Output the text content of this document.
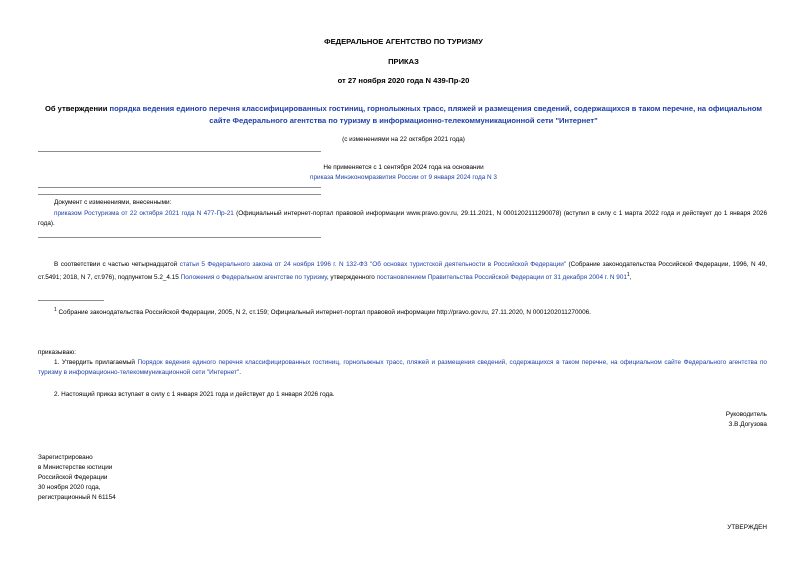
ФЕДЕРАЛЬНОЕ АГЕНТСТВО ПО ТУРИЗМУ
ПРИКАЗ
от 27 ноября 2020 года N 439-Пр-20
Об утверждении порядка ведения единого перечня классифицированных гостиниц, горнолыжных трасс, пляжей и размещения сведений, содержащихся в таком перечне, на официальном сайте Федерального агентства по туризму в информационно-телекоммуникационной сети "Интернет"
(с изменениями на 22 октября 2021 года)
Не применяется с 1 сентября 2024 года на основании
приказа Минэкономразвития России от 9 января 2024 года N 3
Документ с изменениями, внесенными:
приказом Ростуризма от 22 октября 2021 года N 477-Пр-21 (Официальный интернет-портал правовой информации www.pravo.gov.ru, 29.11.2021, N 0001202111290078) (вступил в силу с 1 марта 2022 года и действует до 1 января 2026 года).
В соответствии с частью четырнадцатой статьи 5 Федерального закона от 24 ноября 1996 г. N 132-ФЗ "Об основах туристской деятельности в Российской Федерации" (Собрание законодательства Российской Федерации, 1996, N 49, ст.5491; 2018, N 7, ст.976), подпунктом 5.2_4.15 Положения о Федеральном агентстве по туризму, утвержденного постановлением Правительства Российской Федерации от 31 декабря 2004 г. N $901^1$,
$^1$ Собрание законодательства Российской Федерации, 2005, N 2, ст.159; Официальный интернет-портал правовой информации http://pravo.gov.ru, 27.11.2020, N 0001202011270006.
приказываю:
1. Утвердить прилагаемый Порядок ведения единого перечня классифицированных гостиниц, горнолыжных трасс, пляжей и размещения сведений, содержащихся в таком перечне, на официальном сайте Федерального агентства по туризму в информационно-телекоммуникационной сети "Интернет".
2. Настоящий приказ вступает в силу с 1 января 2021 года и действует до 1 января 2026 года.
Руководитель
З.В.Догузова
Зарегистрировано
в Министерстве юстиции
Российской Федерации
30 ноября 2020 года,
регистрационный N 61154
УТВЕРЖДЕН
